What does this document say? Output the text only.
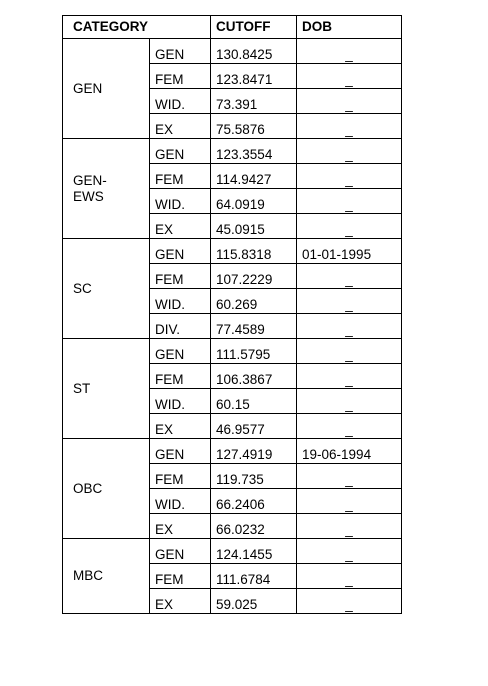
CATEGORY		CUTOFF	DOB

GEN	GEN	130.8425	_
	FEM	123.8471	_
	WID.	73.391	_
	EX	75.5876	_

GEN-
EWS	GEN	123.3554	_
	FEM	114.9427	_
	WID.	64.0919	_
	EX	45.0915	_

SC	GEN	115.8318	01-01-1995
	FEM	107.2229	_
	WID.	60.269	_
	DIV.	77.4589	_

ST	GEN	111.5795	_
	FEM	106.3867	_
	WID.	60.15	_
	EX	46.9577	_

OBC	GEN	127.4919	19-06-1994
	FEM	119.735	_
	WID.	66.2406	_
	EX	66.0232	_

MBC	GEN	124.1455	_
	FEM	111.6784	_
	EX	59.025	_
